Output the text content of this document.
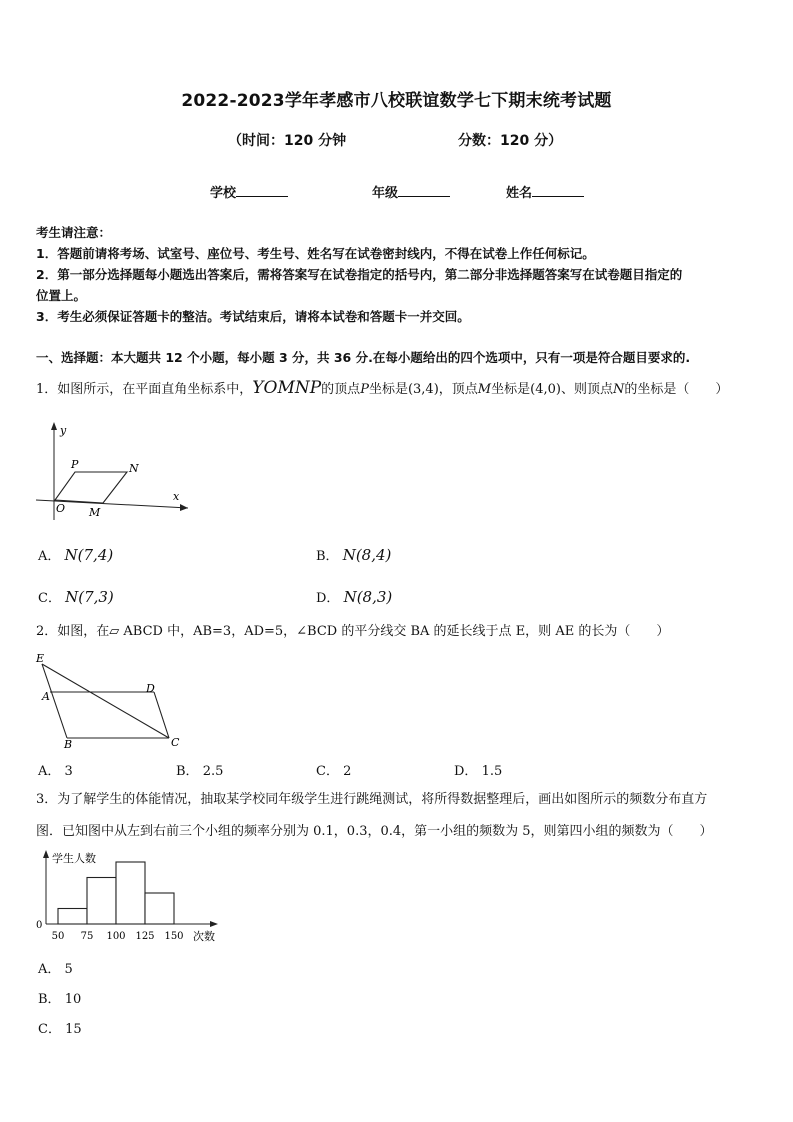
2022-2023学年孝感市八校联谊数学七下期末统考试题
（时间：120 分钟	分数：120 分）
学校	年级	姓名
考生请注意：
1．答题前请将考场、试室号、座位号、考生号、姓名写在试卷密封线内，不得在试卷上作任何标记。
2．第一部分选择题每小题选出答案后，需将答案写在试卷指定的括号内，第二部分非选择题答案写在试卷题目指定的
位置上。
3．考生必须保证答题卡的整洁。考试结束后，请将本试卷和答题卡一并交回。
一、选择题：本大题共 12 个小题，每小题 3 分，共 36 分.在每小题给出的四个选项中，只有一项是符合题目要求的.
1．如图所示，在平面直角坐标系中，YOMNP的顶点P坐标是(3,4)，顶点M坐标是(4,0)、则顶点N的坐标是（　　）
y
x
O
P	N
M
A． N(7,4)	B． N(8,4)
C． N(7,3)	D． N(8,3)
2．如图，在▱ ABCD 中，AB=3，AD=5，∠BCD 的平分线交 BA 的延长线于点 E，则 AE 的长为（　　）
E
A
D
B	C
A． 3	B． 2.5	C． 2	D． 1.5
3．为了解学生的体能情况，抽取某学校同年级学生进行跳绳测试，将所得数据整理后，画出如图所示的频数分布直方
图．已知图中从左到右前三个小组的频率分别为 0.1，0.3，0.4，第一小组的频数为 5，则第四小组的频数为（　　）
学生人数
次数
0
50 75 100 125 150
A． 5
B． 10
C． 15
